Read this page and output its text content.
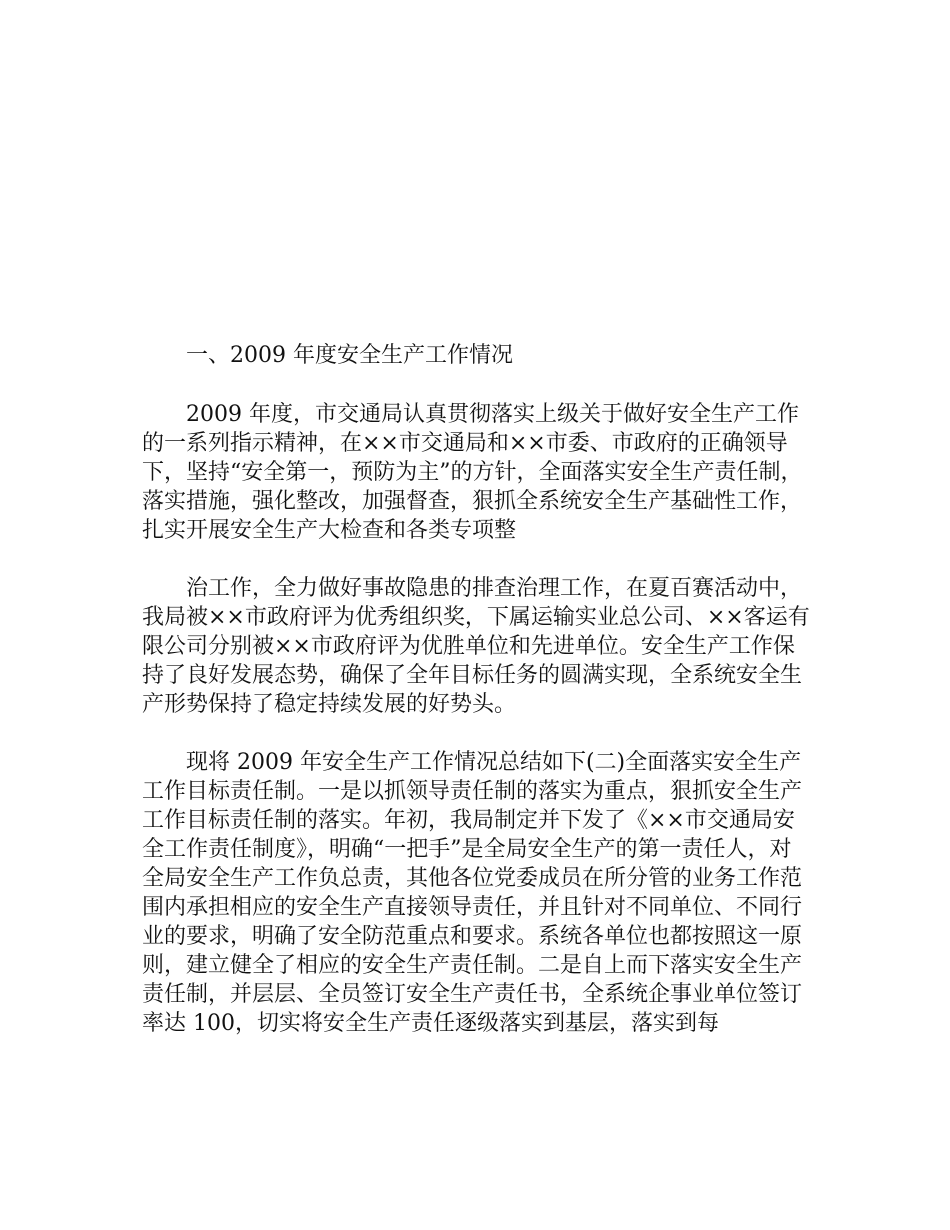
　　一、2009 年度安全生产工作情况

　　2009 年度，市交通局认真贯彻落实上级关于做好安全生产工作的一系列指示精神，在××市交通局和××市委、市政府的正确领导下，坚持“安全第一，预防为主”的方针，全面落实安全生产责任制，落实措施，强化整改，加强督查，狠抓全系统安全生产基础性工作，扎实开展安全生产大检查和各类专项整

　　治工作，全力做好事故隐患的排查治理工作，在夏百赛活动中，我局被××市政府评为优秀组织奖，下属运输实业总公司、××客运有限公司分别被××市政府评为优胜单位和先进单位。安全生产工作保持了良好发展态势，确保了全年目标任务的圆满实现，全系统安全生产形势保持了稳定持续发展的好势头。

　　现将 2009 年安全生产工作情况总结如下(二)全面落实安全生产工作目标责任制。一是以抓领导责任制的落实为重点，狠抓安全生产工作目标责任制的落实。年初，我局制定并下发了《××市交通局安全工作责任制度》，明确“一把手”是全局安全生产的第一责任人，对全局安全生产工作负总责，其他各位党委成员在所分管的业务工作范围内承担相应的安全生产直接领导责任，并且针对不同单位、不同行业的要求，明确了安全防范重点和要求。系统各单位也都按照这一原则，建立健全了相应的安全生产责任制。二是自上而下落实安全生产责任制，并层层、全员签订安全生产责任书，全系统企事业单位签订率达 100，切实将安全生产责任逐级落实到基层，落实到每
